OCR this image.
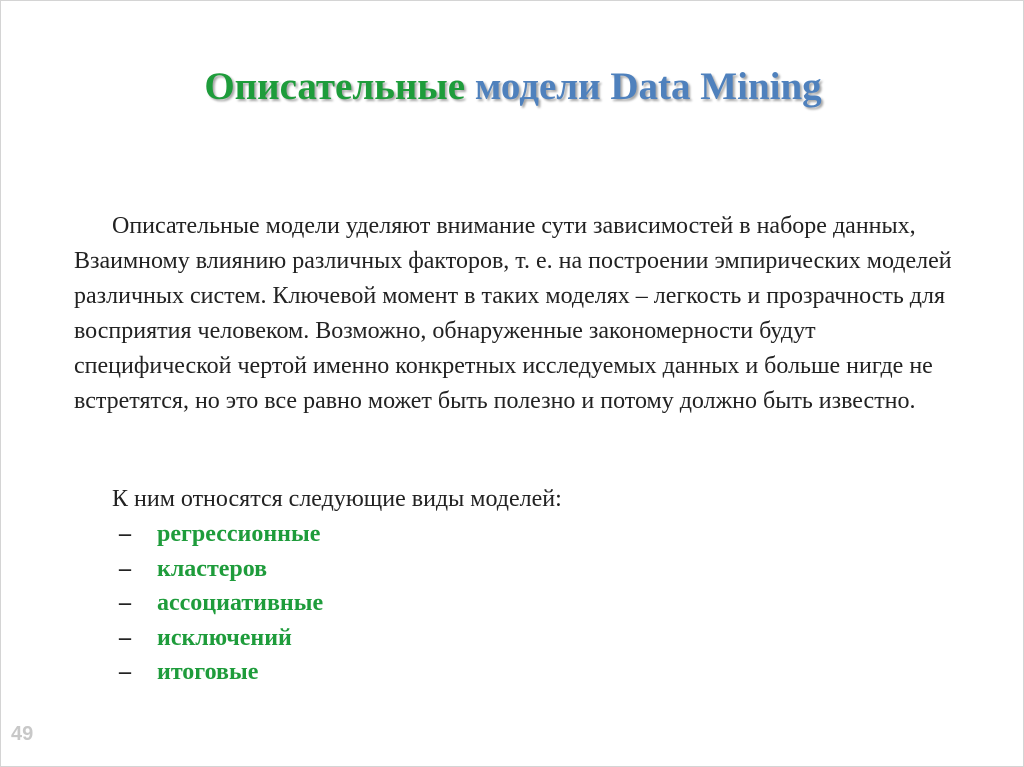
Описательные модели Data Mining

Описательные модели уделяют внимание сути зависимостей в наборе данных, Взаимному влиянию различных факторов, т. е. на построении эмпирических моделей различных систем. Ключевой момент в таких моделях – легкость и прозрачность для восприятия человеком. Возможно, обнаруженные закономерности будут специфической чертой именно конкретных исследуемых данных и больше нигде не встретятся, но это все равно может быть полезно и потому должно быть известно.

К ним относятся следующие виды моделей:
– регрессионные
– кластеров
– ассоциативные
– исключений
– итоговые
49
